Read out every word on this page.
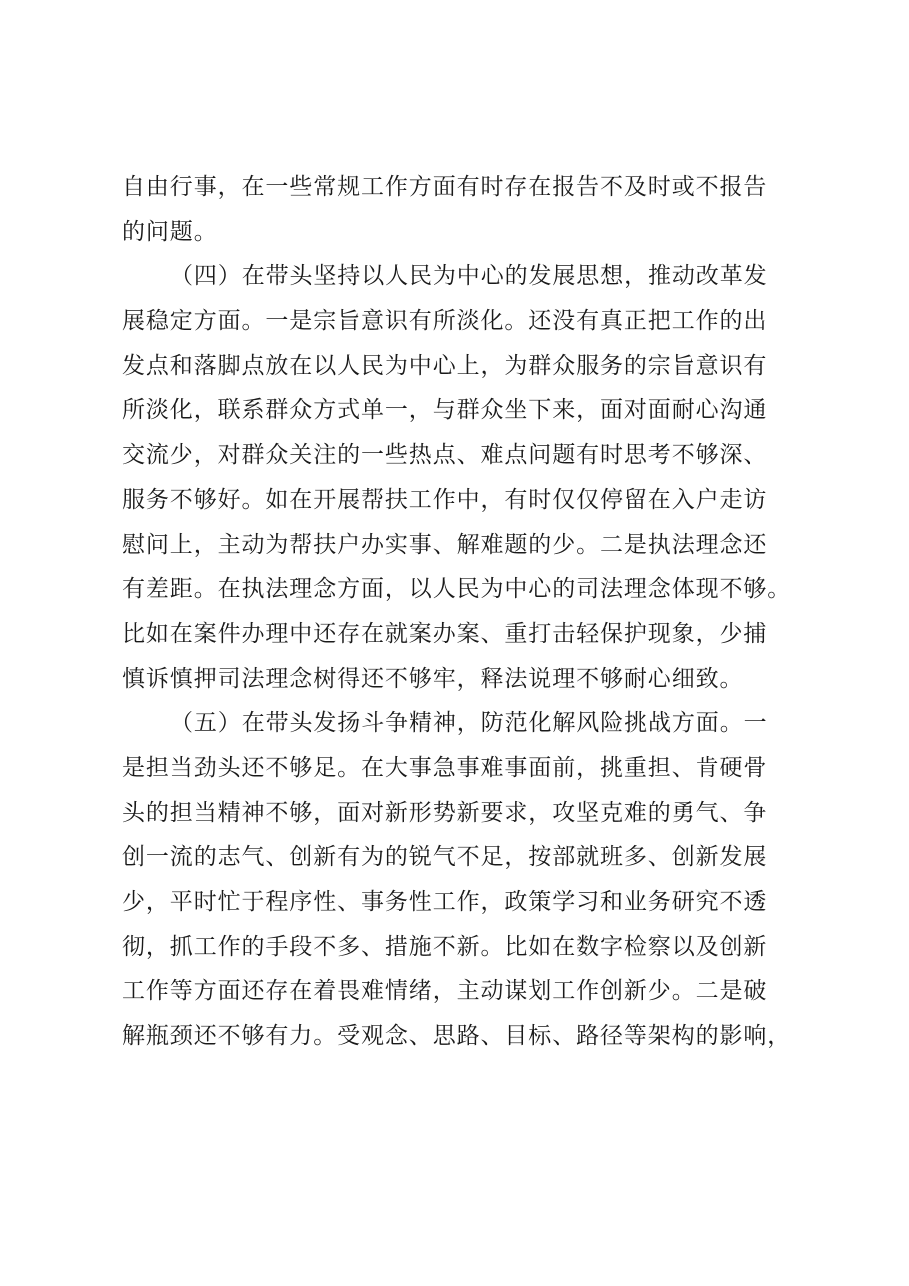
自由行事，在一些常规工作方面有时存在报告不及时或不报告
的问题。
（四）在带头坚持以人民为中心的发展思想，推动改革发
展稳定方面。一是宗旨意识有所淡化。还没有真正把工作的出
发点和落脚点放在以人民为中心上，为群众服务的宗旨意识有
所淡化，联系群众方式单一，与群众坐下来，面对面耐心沟通
交流少，对群众关注的一些热点、难点问题有时思考不够深、
服务不够好。如在开展帮扶工作中，有时仅仅停留在入户走访
慰问上，主动为帮扶户办实事、解难题的少。二是执法理念还
有差距。在执法理念方面，以人民为中心的司法理念体现不够。
比如在案件办理中还存在就案办案、重打击轻保护现象，少捕
慎诉慎押司法理念树得还不够牢，释法说理不够耐心细致。
（五）在带头发扬斗争精神，防范化解风险挑战方面。一
是担当劲头还不够足。在大事急事难事面前，挑重担、肯硬骨
头的担当精神不够，面对新形势新要求，攻坚克难的勇气、争
创一流的志气、创新有为的锐气不足，按部就班多、创新发展
少，平时忙于程序性、事务性工作，政策学习和业务研究不透
彻，抓工作的手段不多、措施不新。比如在数字检察以及创新
工作等方面还存在着畏难情绪，主动谋划工作创新少。二是破
解瓶颈还不够有力。受观念、思路、目标、路径等架构的影响，
